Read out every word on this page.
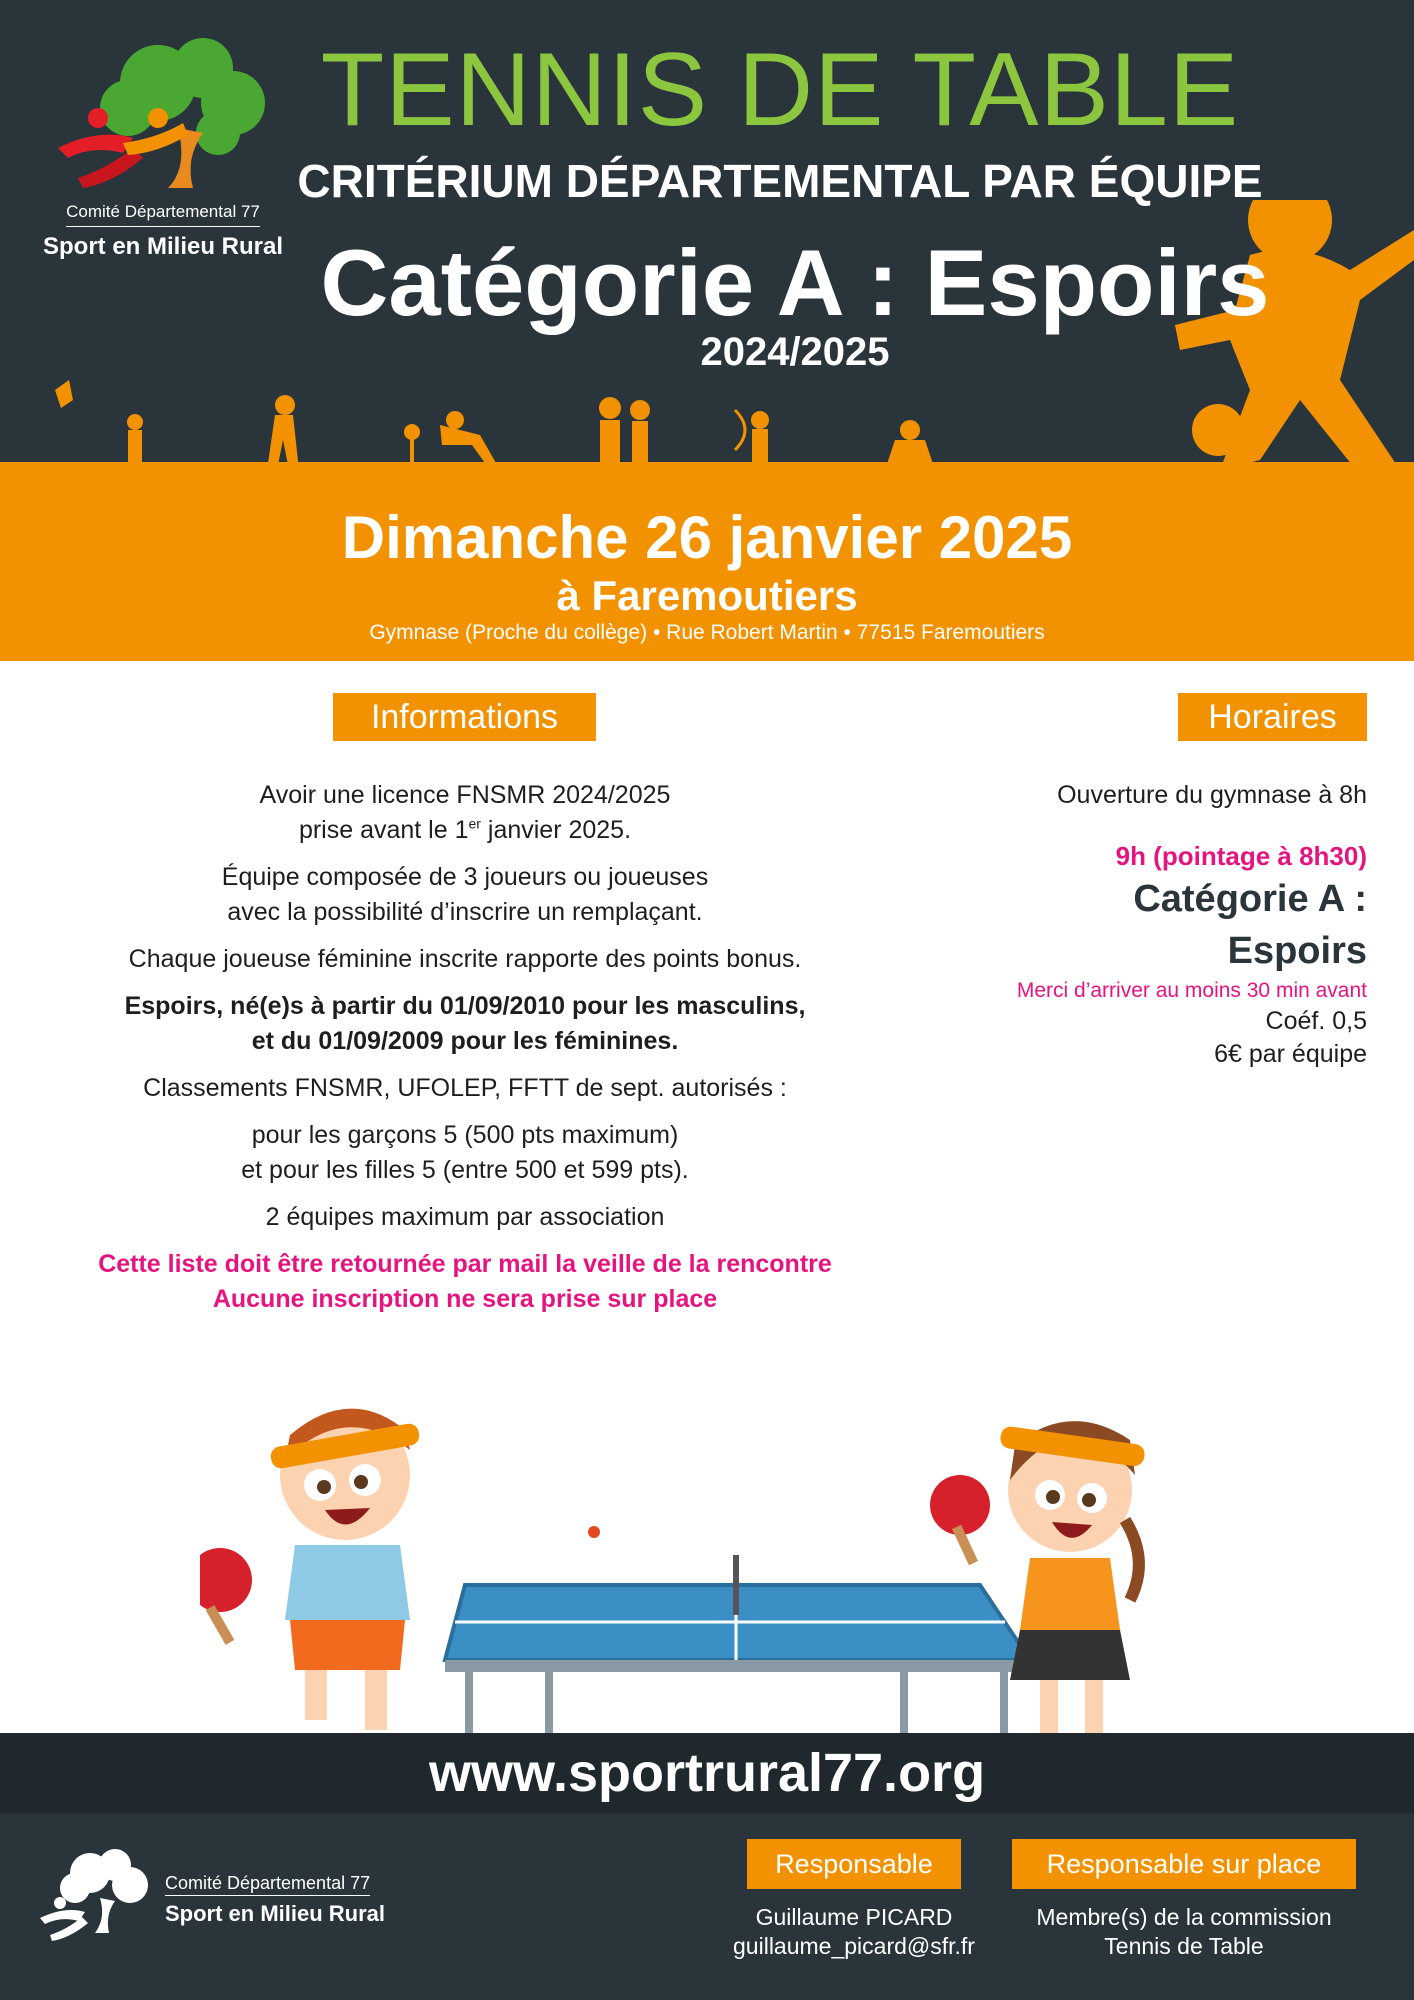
Comité Départemental 77
Sport en Milieu Rural
TENNIS DE TABLE
CRITÉRIUM DÉPARTEMENTAL PAR ÉQUIPE
Catégorie A : Espoirs
2024/2025
Dimanche 26 janvier 2025
à Faremoutiers
Gymnase (Proche du collège) • Rue Robert Martin • 77515 Faremoutiers
Informations

Avoir une licence FNSMR 2024/2025
prise avant le 1er janvier 2025.

Équipe composée de 3 joueurs ou joueuses
avec la possibilité d’inscrire un remplaçant.

Chaque joueuse féminine inscrite rapporte des points bonus.

Espoirs, né(e)s à partir du 01/09/2010 pour les masculins,
et du 01/09/2009 pour les féminines.

Classements FNSMR, UFOLEP, FFTT de sept. autorisés :

pour les garçons 5 (500 pts maximum)
et pour les filles 5 (entre 500 et 599 pts).

2 équipes maximum par association

Cette liste doit être retournée par mail la veille de la rencontre
Aucune inscription ne sera prise sur place

Horaires
Ouverture du gymnase à 8h
9h (pointage à 8h30)
Catégorie A :
Espoirs
Merci d’arriver au moins 30 min avant
Coéf. 0,5
6€ par équipe
www.sportrural77.org
Comité Départemental 77
Sport en Milieu Rural
Responsable
Guillaume PICARD
guillaume_picard@sfr.fr
Responsable sur place
Membre(s) de la commission
Tennis de Table
